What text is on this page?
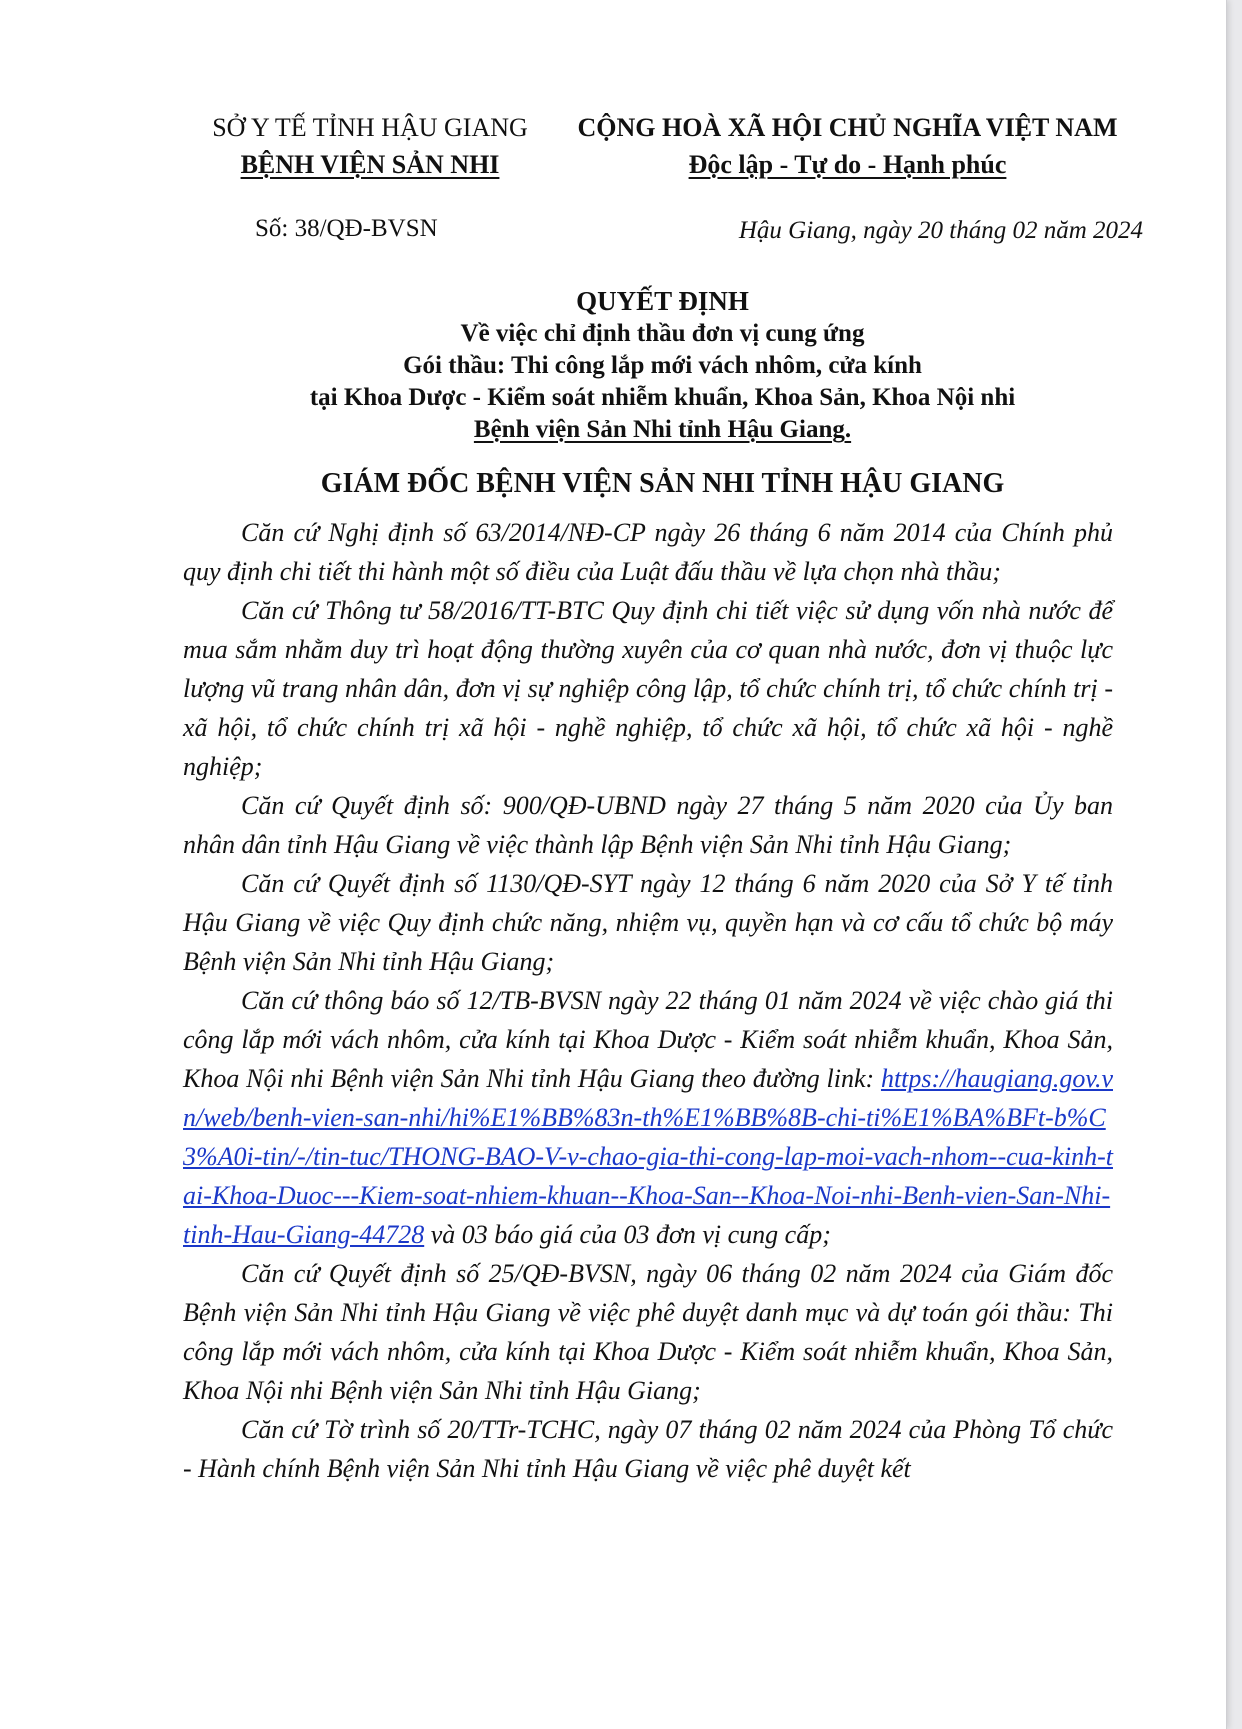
SỞ Y TẾ TỈNH HẬU GIANG
BỆNH VIỆN SẢN NHI
CỘNG HOÀ XÃ HỘI CHỦ NGHĨA VIỆT NAM
Độc lập - Tự do - Hạnh phúc
Số: 38/QĐ-BVSN	Hậu Giang, ngày 20 tháng 02 năm 2024
QUYẾT ĐỊNH
Về việc chỉ định thầu đơn vị cung ứng
Gói thầu: Thi công lắp mới vách nhôm, cửa kính
tại Khoa Dược - Kiểm soát nhiễm khuẩn, Khoa Sản, Khoa Nội nhi
Bệnh viện Sản Nhi tỉnh Hậu Giang.
GIÁM ĐỐC BỆNH VIỆN SẢN NHI TỈNH HẬU GIANG

Căn cứ Nghị định số 63/2014/NĐ-CP ngày 26 tháng 6 năm 2014 của Chính phủ quy định chi tiết thi hành một số điều của Luật đấu thầu về lựa chọn nhà thầu;

Căn cứ Thông tư 58/2016/TT-BTC Quy định chi tiết việc sử dụng vốn nhà nước để mua sắm nhằm duy trì hoạt động thường xuyên của cơ quan nhà nước, đơn vị thuộc lực lượng vũ trang nhân dân, đơn vị sự nghiệp công lập, tổ chức chính trị, tổ chức chính trị - xã hội, tổ chức chính trị xã hội - nghề nghiệp, tổ chức xã hội, tổ chức xã hội - nghề nghiệp;

Căn cứ Quyết định số: 900/QĐ-UBND ngày 27 tháng 5 năm 2020 của Ủy ban nhân dân tỉnh Hậu Giang về việc thành lập Bệnh viện Sản Nhi tỉnh Hậu Giang;

Căn cứ Quyết định số 1130/QĐ-SYT ngày 12 tháng 6 năm 2020 của Sở Y tế tỉnh Hậu Giang về việc Quy định chức năng, nhiệm vụ, quyền hạn và cơ cấu tổ chức bộ máy Bệnh viện Sản Nhi tỉnh Hậu Giang;

Căn cứ thông báo số 12/TB-BVSN ngày 22 tháng 01 năm 2024 về việc chào giá thi công lắp mới vách nhôm, cửa kính tại Khoa Dược - Kiểm soát nhiễm khuẩn, Khoa Sản, Khoa Nội nhi Bệnh viện Sản Nhi tỉnh Hậu Giang theo đường link: https://haugiang.gov.vn/web/benh-vien-san-nhi/hi%E1%BB%83n-th%E1%BB%8B-chi-ti%E1%BA%BFt-b%C3%A0i-tin/-/tin-tuc/THONG-BAO-V-v-chao-gia-thi-cong-lap-moi-vach-nhom--cua-kinh-tai-Khoa-Duoc---Kiem-soat-nhiem-khuan--Khoa-San--Khoa-Noi-nhi-Benh-vien-San-Nhi-tinh-Hau-Giang-44728 và 03 báo giá của 03 đơn vị cung cấp;

Căn cứ Quyết định số 25/QĐ-BVSN, ngày 06 tháng 02 năm 2024 của Giám đốc Bệnh viện Sản Nhi tỉnh Hậu Giang về việc phê duyệt danh mục và dự toán gói thầu: Thi công lắp mới vách nhôm, cửa kính tại Khoa Dược - Kiểm soát nhiễm khuẩn, Khoa Sản, Khoa Nội nhi Bệnh viện Sản Nhi tỉnh Hậu Giang;

Căn cứ Tờ trình số 20/TTr-TCHC, ngày 07 tháng 02 năm 2024 của Phòng Tổ chức - Hành chính Bệnh viện Sản Nhi tỉnh Hậu Giang về việc phê duyệt kết
